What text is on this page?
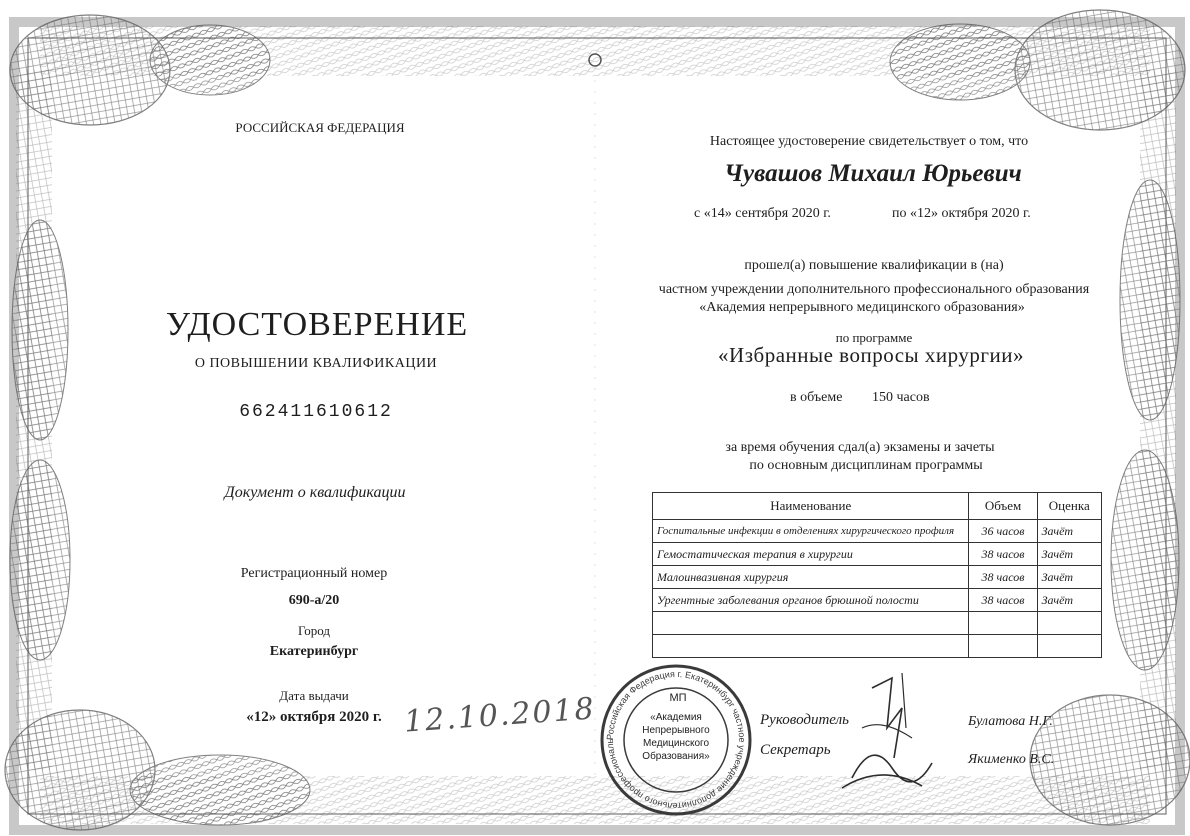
РОССИЙСКАЯ ФЕДЕРАЦИЯ
УДОСТОВЕРЕНИЕ
О ПОВЫШЕНИИ КВАЛИФИКАЦИИ
662411610612
Документ о квалификации
Регистрационный номер
690-а/20
Город
Екатеринбург
Дата выдачи
«12» октября 2020 г. 12.10.2018
Настоящее удостоверение свидетельствует о том, что
Чувашов Михаил Юрьевич
с «14» сентября 2020 г.	по «12» октября 2020 г.
прошел(а) повышение квалификации в (на)
частном учреждении дополнительного профессионального образования
«Академия непрерывного медицинского образования»
по программе
«Избранные вопросы хирургии»
в объеме 150 часов
за время обучения сдал(а) экзамены и зачеты
по основным дисциплинам программы
Наименование	Объем	Оценка
Госпитальные инфекции в отделениях хирургического профиля	36 часов	Зачёт
Гемостатическая терапия в хирургии	38 часов	Зачёт
Малоинвазивная хирургия	38 часов	Зачёт
Ургентные заболевания органов брюшной полости	38 часов	Зачёт

Российская Федерация г. Екатеринбург частное учреждение дополнительного профессиональ
МП
«Академия
Непрерывного
Медицинского
Образования»
Руководитель	Булатова Н.Г.
Секретарь
Якименко В.С.
